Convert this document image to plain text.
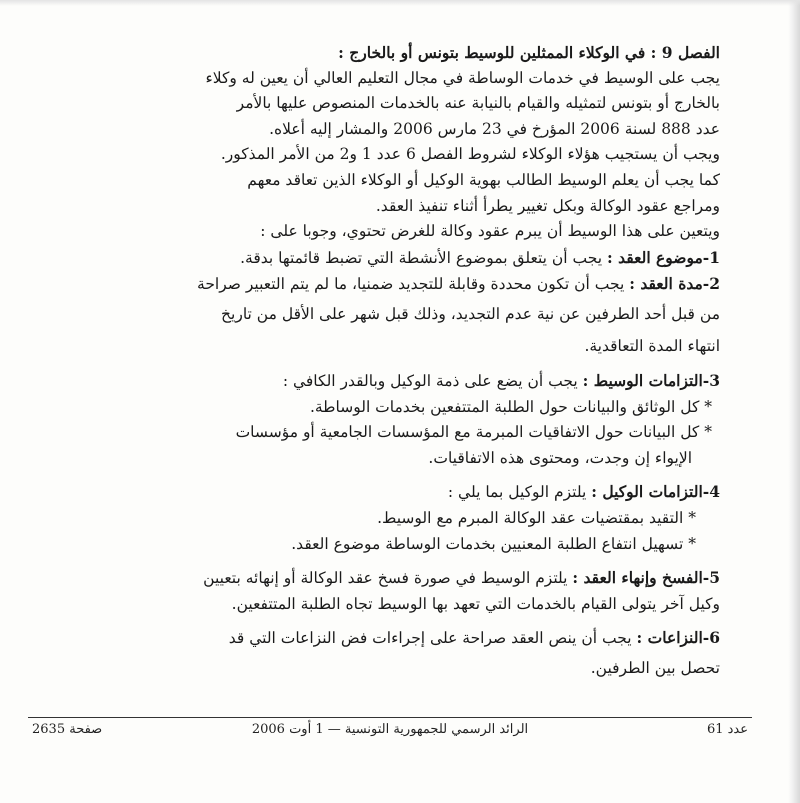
الفصل 9 : في الوكلاء الممثلين للوسيط بتونس أو بالخارج :
يجب على الوسيط في خدمات الوساطة في مجال التعليم العالي أن يعين له وكلاء
بالخارج أو بتونس لتمثيله والقيام بالنيابة عنه بالخدمات المنصوص عليها بالأمر
عدد 888 لسنة 2006 المؤرخ في 23 مارس 2006 والمشار إليه أعلاه.
ويجب أن يستجيب هؤلاء الوكلاء لشروط الفصل 6 عدد 1 و2 من الأمر المذكور.
كما يجب أن يعلم الوسيط الطالب بهوية الوكيل أو الوكلاء الذين تعاقد معهم
ومراجع عقود الوكالة وبكل تغيير يطرأ أثناء تنفيذ العقد.
ويتعين على هذا الوسيط أن يبرم عقود وكالة للغرض تحتوي، وجوبا على :
1-موضوع العقد : يجب أن يتعلق بموضوع الأنشطة التي تضبط قائمتها بدقة.
2-مدة العقد : يجب أن تكون محددة وقابلة للتجديد ضمنيا، ما لم يتم التعبير صراحة
من قبل أحد الطرفين عن نية عدم التجديد، وذلك قبل شهر على الأقل من تاريخ
انتهاء المدة التعاقدية.
3-التزامات الوسيط : يجب أن يضع على ذمة الوكيل وبالقدر الكافي :
* كل الوثائق والبيانات حول الطلبة المتتفعين بخدمات الوساطة.
* كل البيانات حول الاتفاقيات المبرمة مع المؤسسات الجامعية أو مؤسسات
الإيواء إن وجدت، ومحتوى هذه الاتفاقيات.
4-التزامات الوكيل : يلتزم الوكيل بما يلي :
* التقيد بمقتضيات عقد الوكالة المبرم مع الوسيط.
* تسهيل انتفاع الطلبة المعنيين بخدمات الوساطة موضوع العقد.
5-الفسخ وإنهاء العقد : يلتزم الوسيط في صورة فسخ عقد الوكالة أو إنهائه بتعيين
وكيل آخر يتولى القيام بالخدمات التي تعهد بها الوسيط تجاه الطلبة المتتفعين.
6-النزاعات : يجب أن ينص العقد صراحة على إجراءات فض النزاعات التي قد
تحصل بين الطرفين.
صفحة 2635	الرائد الرسمي للجمهورية التونسية — 1 أوت 2006	عدد 61
